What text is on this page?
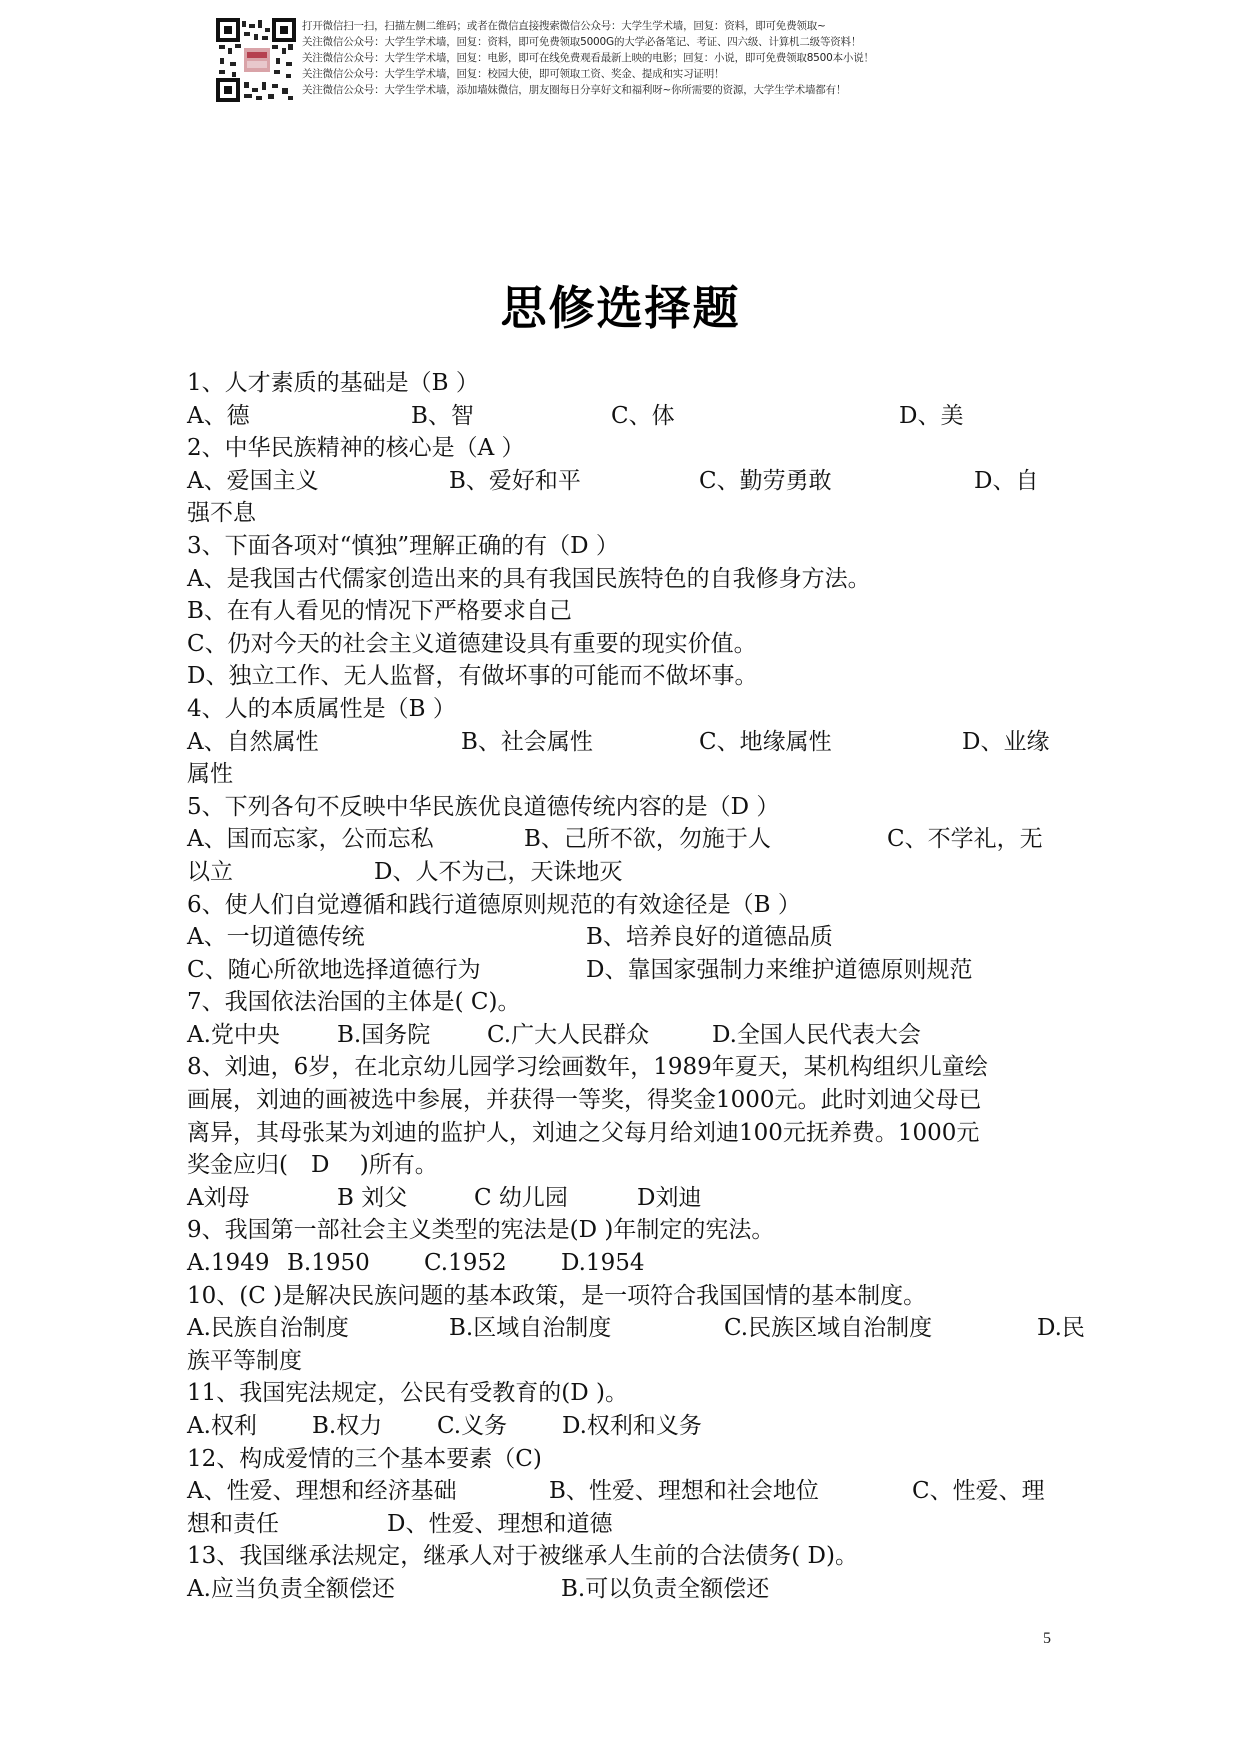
打开微信扫一扫，扫描左侧二维码；或者在微信直接搜索微信公众号：大学生学术墙，回复：资料，即可免费领取~
关注微信公众号：大学生学术墙，回复：资料，即可免费领取5000G的大学必备笔记、考证、四六级、计算机二级等资料！
关注微信公众号：大学生学术墙，回复：电影，即可在线免费观看最新上映的电影；回复：小说，即可免费领取8500本小说！
关注微信公众号：大学生学术墙，回复：校园大使，即可领取工资、奖金、提成和实习证明！
关注微信公众号：大学生学术墙，添加墙妹微信，朋友圈每日分享好文和福利呀~你所需要的资源，大学生学术墙都有！
思修选择题
1、人才素质的基础是（B ）
A、德	B、智	C、体	D、美
2、中华民族精神的核心是（A ）
A、爱国主义	B、爱好和平	C、勤劳勇敢	D、自
强不息
3、下面各项对“慎独”理解正确的有（D ）
A、是我国古代儒家创造出来的具有我国民族特色的自我修身方法。
B、在有人看见的情况下严格要求自己
C、仍对今天的社会主义道德建设具有重要的现实价值。
D、独立工作、无人监督，有做坏事的可能而不做坏事。
4、人的本质属性是（B ）
A、自然属性	B、社会属性	C、地缘属性	D、业缘
属性
5、下列各句不反映中华民族优良道德传统内容的是（D ）
A、国而忘家，公而忘私	B、己所不欲，勿施于人	C、不学礼，无
以立	D、人不为己，天诛地灭
6、使人们自觉遵循和践行道德原则规范的有效途径是（B ）
A、一切道德传统	B、培养良好的道德品质
C、随心所欲地选择道德行为	D、靠国家强制力来维护道德原则规范
7、我国依法治国的主体是( C)。
A.党中央 B.国务院 C.广大人民群众	D.全国人民代表大会
8、刘迪，6岁，在北京幼儿园学习绘画数年，1989年夏天，某机构组织儿童绘
画展，刘迪的画被选中参展，并获得一等奖，得奖金1000元。此时刘迪父母已
离异，其母张某为刘迪的监护人，刘迪之父每月给刘迪100元抚养费。1000元
奖金应归(　D　 )所有。
A刘母	B 刘父	C 幼儿园	D刘迪
9、我国第一部社会主义类型的宪法是(D )年制定的宪法。
A.1949 B.1950 C.1952 D.1954
10、(C )是解决民族问题的基本政策，是一项符合我国国情的基本制度。
A.民族自治制度	B.区域自治制度	C.民族区域自治制度	D.民
族平等制度
11、我国宪法规定，公民有受教育的(D )。
A.权利 B.权力 C.义务 D.权利和义务
12、构成爱情的三个基本要素（C)
A、性爱、理想和经济基础	B、性爱、理想和社会地位	C、性爱、理
想和责任	D、性爱、理想和道德
13、我国继承法规定，继承人对于被继承人生前的合法债务( D)。
A.应当负责全额偿还	B.可以负责全额偿还
5
